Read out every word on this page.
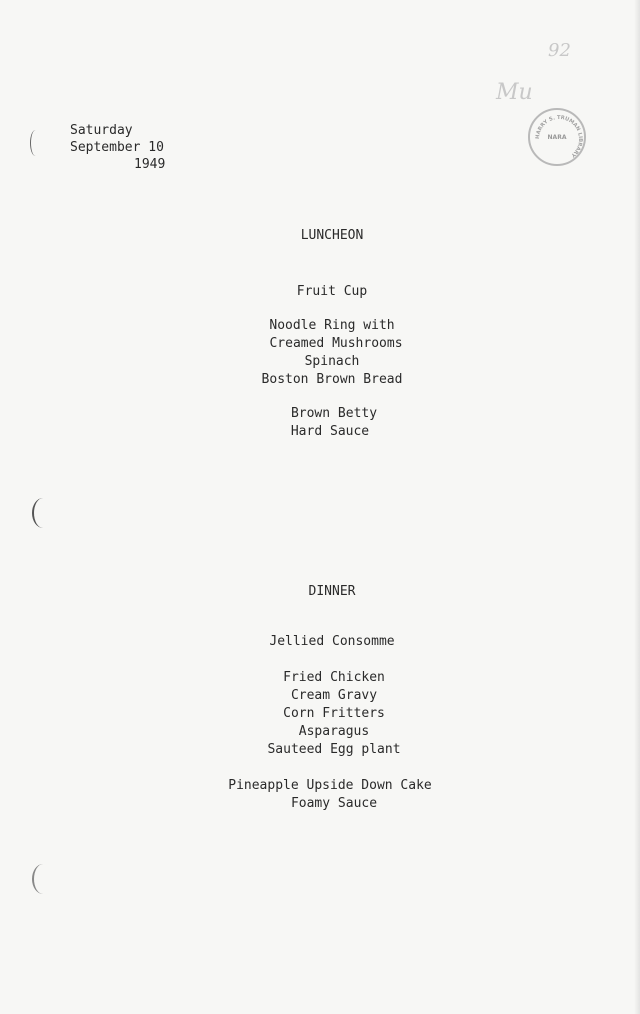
Saturday
September 10
1949
92
Mu
HARRY S. TRUMAN LIBRARY
NARA
LUNCHEON
Fruit Cup
Noodle Ring with
Creamed Mushrooms
Spinach
Boston Brown Bread
Brown Betty
Hard Sauce
DINNER
Jellied Consomme
Fried Chicken
Cream Gravy
Corn Fritters
Asparagus
Sauteed Egg plant
Pineapple Upside Down Cake
Foamy Sauce
